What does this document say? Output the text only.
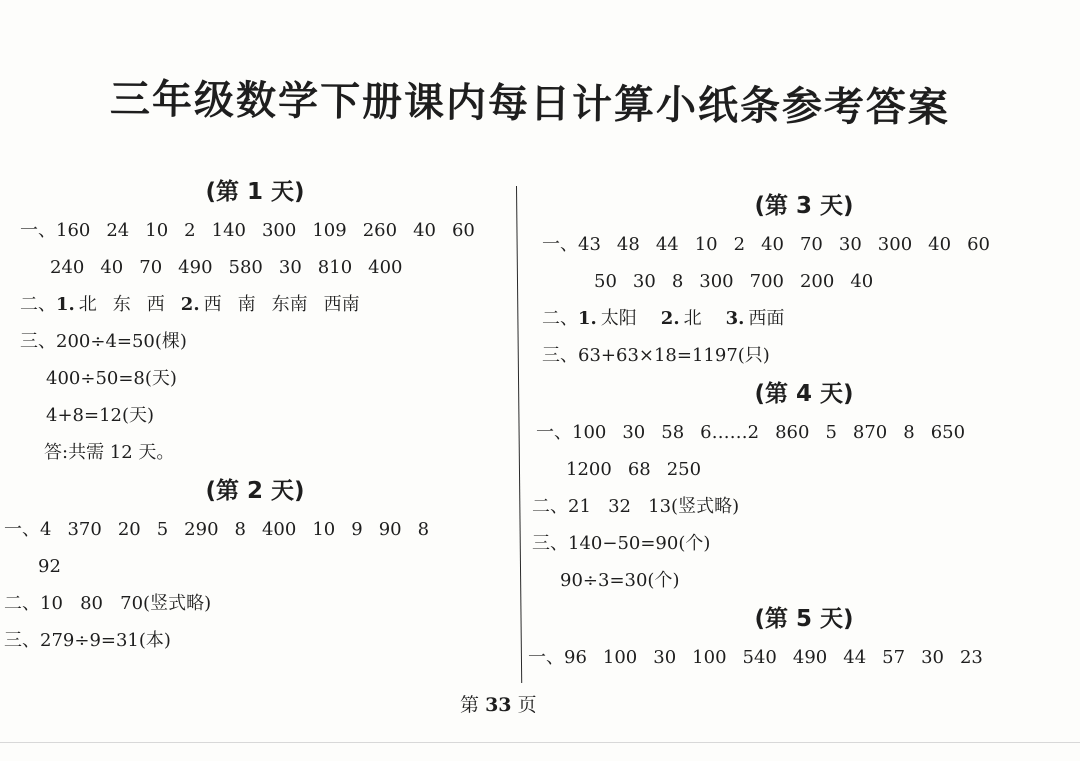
三年级数学下册课内每日计算小纸条参考答案
(第 1 天)
一、160 24 10 2 140 300 109 260 40 60
240 40 70 490 580 30 810 400
二、1. 北 东 西 2. 西 南 东南 西南
三、200÷4=50(棵)
400÷50=8(天)
4+8=12(天)
答:共需 12 天。
(第 2 天)
一、4 370 20 5 290 8 400 10 9 90 8
92
二、10   80   70(竖式略)
三、279÷9=31(本)
(第 3 天)
一、43 48 44 10 2 40 70 30 300 40 60
50 30 8 300 700 200 40
二、1. 太阳 2. 北 3. 西面
三、63+63×18=1197(只)
(第 4 天)
一、100 30 58 6……2 860 5 870 8 650
1200 68 250
二、21   32   13(竖式略)
三、140−50=90(个)
90÷3=30(个)
(第 5 天)
一、96 100 30 100 540 490 44 57 30 23
第 33 页
